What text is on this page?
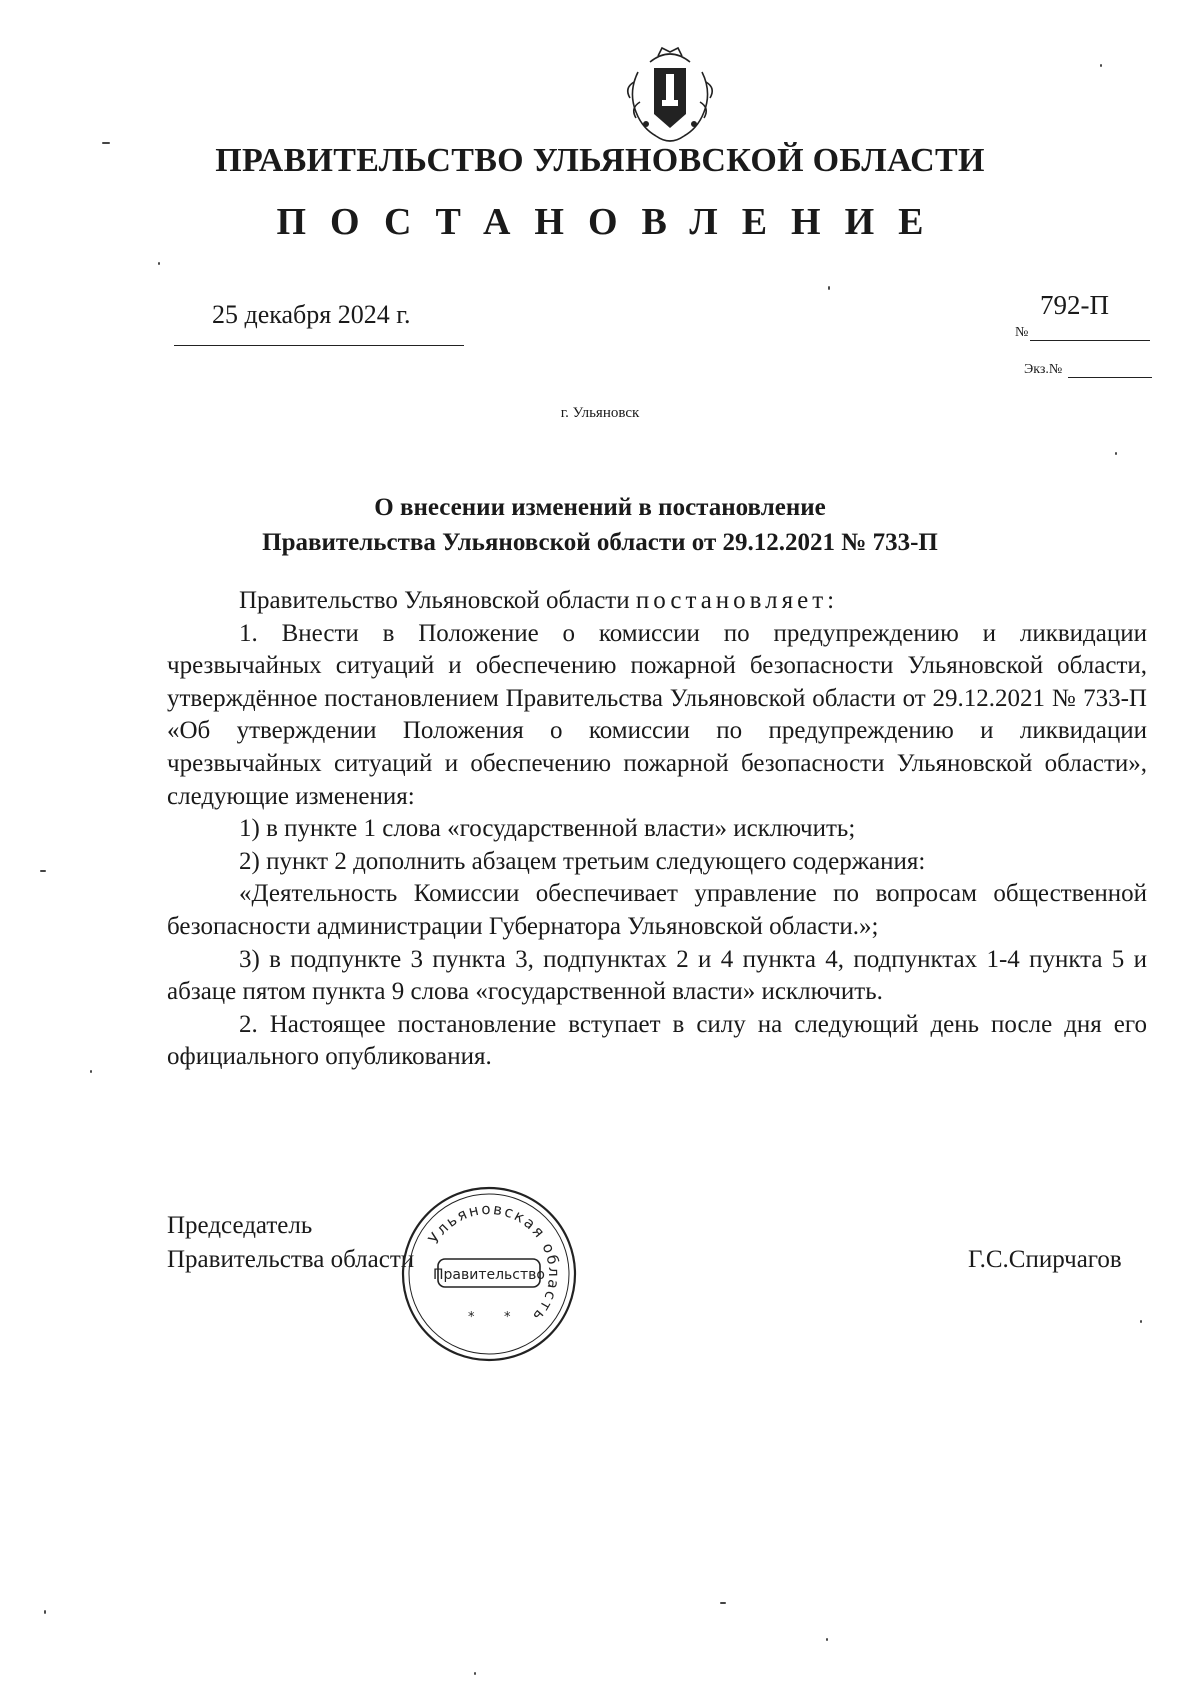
ПРАВИТЕЛЬСТВО УЛЬЯНОВСКОЙ ОБЛАСТИ
ПОСТАНОВЛЕНИЕ
25 декабря 2024 г.
№
792-П
Экз.№
г. Ульяновск
О внесении изменений в постановление
Правительства Ульяновской области от 29.12.2021 № 733-П

Правительство Ульяновской области постановляет:

1. Внести в Положение о комиссии по предупреждению и ликвидации чрезвычайных ситуаций и обеспечению пожарной безопасности Ульяновской области, утверждённое постановлением Правительства Ульяновской области от 29.12.2021 № 733-П «Об утверждении Положения о комиссии по предупреждению и ликвидации чрезвычайных ситуаций и обеспечению пожарной безопасности Ульяновской области», следующие изменения:

1) в пункте 1 слова «государственной власти» исключить;

2) пункт 2 дополнить абзацем третьим следующего содержания:

«Деятельность Комиссии обеспечивает управление по вопросам общественной безопасности администрации Губернатора Ульяновской области.»;

3) в подпункте 3 пункта 3, подпунктах 2 и 4 пункта 4, подпунктах 1-4 пункта 5 и абзаце пятом пункта 9 слова «государственной власти» исключить.

2. Настоящее постановление вступает в силу на следующий день после дня его официального опубликования.

Председатель
Правительства области	Г.С.Спирчагов
Ульяновская область
Правительство
* *
